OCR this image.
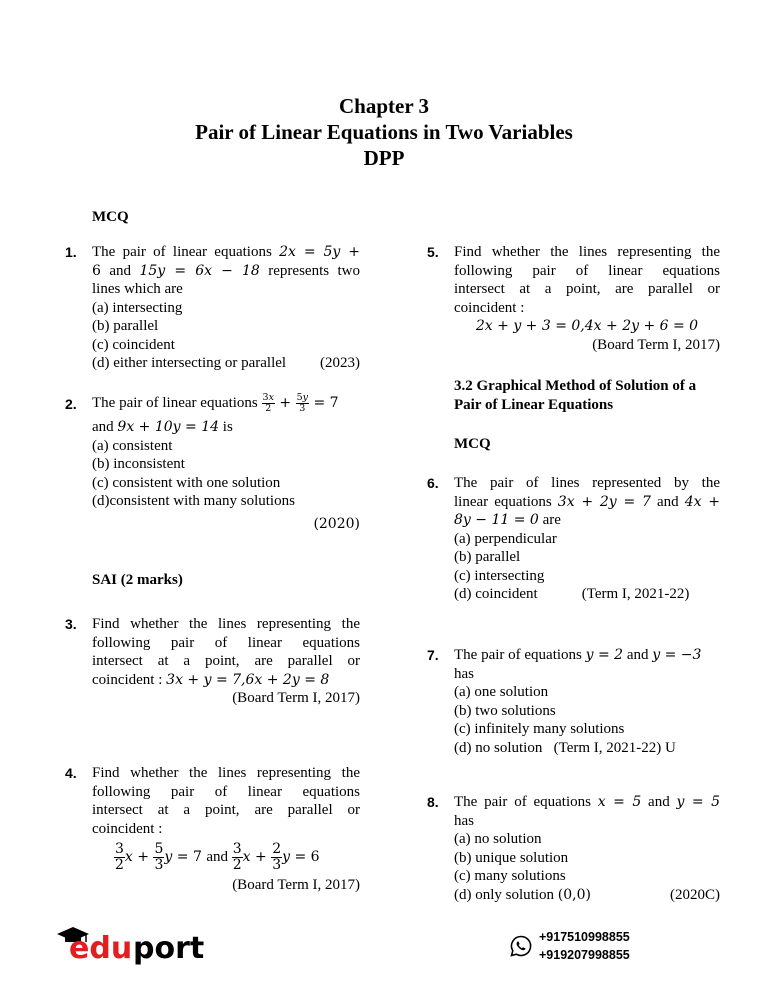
Chapter 3
Pair of Linear Equations in Two Variables
DPP
MCQ
1. The pair of linear equations 2x = 5y +
6 and 15y = 6x − 18 represents two
lines which are
(a) intersecting
(b) parallel
(c) coincident
(d) either intersecting or parallel (2023)
2. The pair of linear equations
$\frac{3x}{2} + \frac{5y}{3}$
= 7
and 9x + 10y = 14 is
(a) consistent
(b) inconsistent
(c) consistent with one solution
(d)consistent with many solutions
(2020)
SAI (2 marks)
3. Find whether the lines representing the
following pair of linear equations
intersect at a point, are parallel or
coincident : 3x + y = 7,6x + 2y = 8
(Board Term I, 2017)
4. Find whether the lines representing the
following pair of linear equations
intersect at a point, are parallel or
coincident :
$\frac{3}{2}$ $x + \frac{5}{3}$ y = 7 and
$\frac{3}{2}$ $x + \frac{2}{3}$ y = 6
(Board Term I, 2017)
5. Find whether the lines representing the
following pair of linear equations
intersect at a point, are parallel or
coincident :
2x + y + 3 = 0,4x + 2y + 6 = 0
(Board Term I, 2017)
3.2 Graphical Method of Solution of a Pair of Linear Equations
MCQ
6. The pair of lines represented by the
linear equations 3x + 2y = 7 and 4x +
8y − 11 = 0 are
(a) perpendicular
(b) parallel
(c) intersecting
(d) coincident	(Term I, 2021-22)
7. The pair of equations y = 2 and y = −3
has
(a) one solution
(b) two solutions
(c) infinitely many solutions
(d) no solution (Term I, 2021-22) U
8. The pair of equations x = 5 and y = 5
has
(a) no solution
(b) unique solution
(c) many solutions
(d) only solution (0,0)	(2020C)
edu port	+917510998855
+919207998855
